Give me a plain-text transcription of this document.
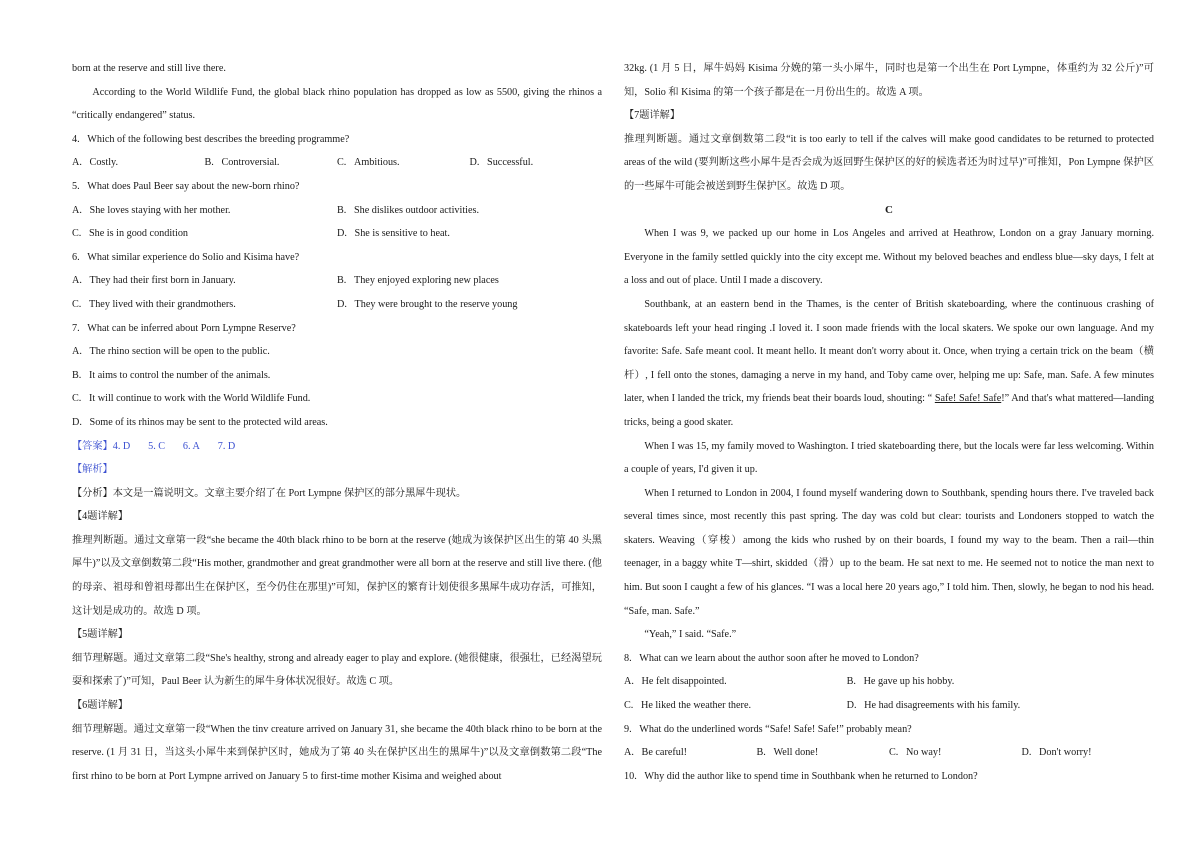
born at the reserve and still live there.

According to the World Wildlife Fund, the global black rhino population has dropped as low as 5500, giving the rhinos a “critically endangered” status.

4.   Which of the following best describes the breeding programme?

A.   Costly.	B.   Controversial.	C.   Ambitious.	D.   Successful.

5.   What does Paul Beer say about the new-born rhino?

A.   She loves staying with her mother.	B.   She dislikes outdoor activities.
C.   She is in good condition	D.   She is sensitive to heat.

6.   What similar experience do Solio and Kisima have?

A.   They had their first born in January.	B.   They enjoyed exploring new places
C.   They lived with their grandmothers.	D.   They were brought to the reserve young

7.   What can be inferred about Porn Lympne Reserve?

A.   The rhino section will be open to the public.

B.   It aims to control the number of the animals.

C.   It will continue to work with the World Wildlife Fund.

D.   Some of its rhinos may be sent to the protected wild areas.

【答案】4. D       5. C       6. A       7. D

【解析】

【分析】本文是一篇说明文。文章主要介绍了在 Port Lympne 保护区的部分黑犀牛现状。

【4题详解】

推理判断题。通过文章第一段“she became the 40th black rhino to be born at the reserve (她成为该保护区出生的第 40 头黑犀牛)”以及文章倒数第二段“His mother, grandmother and great grandmother were all born at the reserve and still live there. (他的母亲、祖母和曾祖母都出生在保护区，至今仍住在那里)”可知，保护区的繁育计划使很多黑犀牛成功存活，可推知，这计划是成功的。故选 D 项。

【5题详解】

细节理解题。通过文章第二段“She's healthy, strong and already eager to play and explore. (她很健康，很强壮，已经渴望玩耍和探索了)”可知，Paul Beer 认为新生的犀牛身体状况很好。故选 C 项。

【6题详解】

细节理解题。通过文章第一段“When the tinv creature arrived on January 31, she became the 40th black rhino to be born at the reserve. (1 月 31 日，当这头小犀牛来到保护区时，她成为了第 40 头在保护区出生的黑犀牛)”以及文章倒数第二段“The first rhino to be born at Port Lympne arrived on January 5 to first-time mother Kisima and weighed about

32kg. (1 月 5 日，犀牛妈妈 Kisima 分娩的第一头小犀牛，同时也是第一个出生在 Port Lympne，体重约为 32 公斤)”可知，Solio 和 Kisima 的第一个孩子都是在一月份出生的。故选 A 项。

【7题详解】

推理判断题。通过文章倒数第二段“it is too early to tell if the calves will make good candidates to be returned to protected areas of the wild (要判断这些小犀牛是否会成为返回野生保护区的好的候选者还为时过早)”可推知，Pon Lympne 保护区的一些犀牛可能会被送到野生保护区。故选 D 项。

C

When I was 9, we packed up our home in Los Angeles and arrived at Heathrow, London on a gray January morning. Everyone in the family settled quickly into the city except me. Without my beloved beaches and endless blue—sky days, I felt at a loss and out of place. Until I made a discovery.

Southbank, at an eastern bend in the Thames, is the center of British skateboarding, where the continuous crashing of skateboards left your head ringing .I loved it. I soon made friends with the local skaters. We spoke our own language. And my favorite: Safe. Safe meant cool. It meant hello. It meant don't worry about it. Once, when trying a certain trick on the beam（横杆）, I fell onto the stones, damaging a nerve in my hand, and Toby came over, helping me up: Safe, man. Safe. A few minutes later, when I landed the trick, my friends beat their boards loud, shouting: “ Safe! Safe! Safe!” And that's what mattered—landing tricks, being a good skater.

When I was 15, my family moved to Washington. I tried skateboarding there, but the locals were far less welcoming. Within a couple of years, I'd given it up.

When I returned to London in 2004, I found myself wandering down to Southbank, spending hours there. I've traveled back several times since, most recently this past spring. The day was cold but clear: tourists and Londoners stopped to watch the skaters. Weaving（穿梭）among the kids who rushed by on their boards, I found my way to the beam. Then a rail—thin teenager, in a baggy white T—shirt, skidded（滑）up to the beam. He sat next to me. He seemed not to notice the man next to him. But soon I caught a few of his glances. “I was a local here 20 years ago,” I told him. Then, slowly, he began to nod his head. “Safe, man. Safe.”

“Yeah,” I said. “Safe.”

8.   What can we learn about the author soon after he moved to London?

A.   He felt disappointed.	B.   He gave up his hobby.
C.   He liked the weather there.	D.   He had disagreements with his family.

9.   What do the underlined words “Safe! Safe! Safe!” probably mean?

A.   Be careful!	B.   Well done!	C.   No way!	D.   Don't worry!

10.   Why did the author like to spend time in Southbank when he returned to London?
